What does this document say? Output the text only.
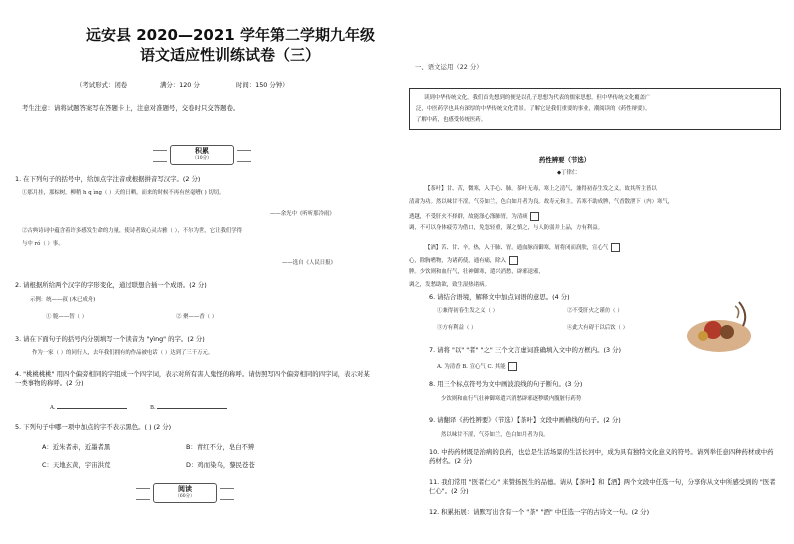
远安县 2020—2021 学年第二学期九年级
语文适应性训练试卷（三）
（考试形式：闭卷	满分：120 分	时间：150 分钟）
考生注意：请将试题答案写在答题卡上，注意对准题号，交卷时只交答题卷。
积累
（10分）
1. 在下列句子的括号中，给加点字注音或根据拼音写汉字。(2 分)
①那月挂，那棕树，柳稍 h q ìng（ ）天的日晒，而来的时候不再有丝毫嘈( ) 切切。
——余光中《听听那冷雨》
②古典诗词中蕴含着许多感发生命的力量，使诗者致心灵古雅（ ），不尔为世，它让我们学得
与中 ró（ ）事。
——选自《人民日报》
2. 请根据所给两个汉字的字形变化，通过联想合插一个成语。(2 分)
示例：统——叔 (木已成舟)
① 脆——智（ ）	② 聚——香（ ）
3. 请在下面句子的括号内分别填写一个读音为 "yìng" 的字。(2 分)
作为一家（ ）的同行人，去年我们拥有的作品被电话（ ）达到了三千万元。
4. "桃桃桃桃" 用四个偏旁相同的字组成一个四字词，表示对所有害人鬼怪的称呼。请仿照写四个偏旁相同的四字词，表示对某一类事物的称呼。(2 分)
A.	B.
5. 下列句子中哪一项中加点的字不表示黑色。( ) (2 分)
A：近朱者赤，近墨者黑	B：青红不分，皂白不辨
C：天地玄黄，宇宙洪荒	D：鸡而染乌，黎民苍苍
阅读
（60分）
一、语文运用（22 分）
读到中华传统文化，我们首先想到的便是以孔子思想为代表的儒家思想，但中华传统文化覆盖广
泛，中医药学也具有深厚的中华传统文化背景。了解它是我们重要的事业，潮阅读的《药性辩要》，
了解中药，也感受传统医药。
药性辨要（节选）
◆丁律仁
【茶叶】甘、苦，微寒，入手心、肺。茶叶无毒，寒上之清气，兼得初春生发之义，故其所主皆以
清肃为功。然以味甘不涩，气芬如兰，色白如月者为良。故寿元和主。苦寒不助成脾，气香散泄下（内）寒气，
透越，不受肝火不择群，故能涤心涤肺胃，为清痰
调，不可以身体疲劳为借口，免忽轻重，谨之慎之，与人防弱并上品，方有利益。
【酒】苦、甘、辛，热，入于肺、胃。通血脉而御寒，屑将闭而润肤，宣心气
心，除胸嗜物，为诸药使，通有痛，除入
脾。少饮则和血行气，壮神御寒，遣兴消愁，辟邪退邪，
调之，发愁助欲，致生湿热诸病。
6. 请结合语境，解释文中加点词语的意思。(4 分)
①兼得初春生发之义（ ）	②不受肝火之谨彷（ ）
③方有利益（ ）	④此大有碍于以后饮（ ）
7. 请将 "以" "者" "之" 三个文言虚词准确填入文中的方框内。(3 分)
A. 为清香 B. 宣心气 C. 其能
8. 用三个标点符号为文中画波浪线的句子断句。(3 分)
少饮则和血行气壮神御寒遣兴消愁辟邪逐秽暖内腹脏行药势
9. 请翻译《药性辨要》（节选）【茶叶】文段中画横线的句子。(2 分)
然以味甘不涩，气芬如兰，色白如月者为良。
10. 中药药材既是治病的良药，也总是生活场景的生活长河中，成为具有独特文化意义的符号。请列举任意四种药材或中药药材名。(2 分)
11. 我们常用 "医者仁心" 来赞扬医生的品德。请从【茶叶】和【酒】两个文段中任选一句，分享你从文中所感受到的 "医者仁心"。(2 分)
12. 积累拓展：请默写出含有一个 "茶" "酒" 中任选一字的古诗文一句。(2 分)
